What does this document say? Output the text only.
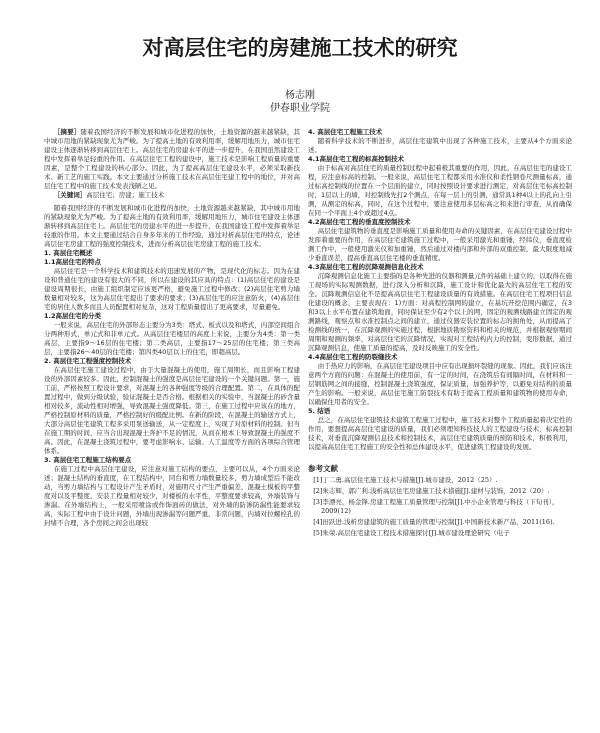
对高层住宅的房建施工技术的研究
杨志刚
伊春职业学院

［摘要］随着我国经济的不断发展和城市化进程的加快，土地资源的越来越紧缺，其中城市用地的紧缺现象尤为严峻。为了提高土地的有效利用率，缓解用地压力，城市住宅建设主体逐渐转移到高层住宅上。高层住宅的房建水平的进一步提升，在我国虽然建设工程中发挥着举足轻重的作用。在高层住宅工程的建设中，施工技术是影响工程质量的重要因素，是整个工程建设的核心部分。因此，为了提高高层住宅建设水平，必须采取新技术、新工艺的施工实践。本文主要通过分析施工技术在高层住宅建工程中的地位，并对高层住宅工程中的施工技术发表浅陋之见。

［关键词］高层住宅；房建；施工技术

随着我国经济的不断发展和城市化进程的加快，土地资源越来越紧缺，其中城市用地的紧缺现象尤为严峻。为了提高土地的有效利用率，缓解用地压力，城市住宅建设主体逐渐转移到高层住宅上。高层住宅的房建水平的进一步提升，在我国建设工程中发挥着举足轻重的作用。本文主要通过结合自身多年来的工作经验，通过对析高层住宅的特点，论述高层住宅房建工程的强度控制技术，进而分析高层住宅房建工程的施工技术。

1. 高层住宅概述

1.1高层住宅的特点

高层住宅是一个科学技术和建筑技术的迅速发展的产物，是现代化的标志。因为在建设和普通住宅的建设有很大的不同，所以在建设的其应具的特点：(1)高层住宅的建设是建设周期很长，由施工组织制定应该更严格，避免施工过程中修改；(2)高层住宅剪力墙数量相对较多，这为高层住宅提出了要求的要求；(3)高层住宅的应注意防火，(4)高层住宅的居住人数多而且人员配置相对复杂，这对工程质量提出了更高要求，尽量避免。

1.2高层住宅的分类

一般来说，高层住宅的外部形态主要分为3类：塔式、板式以及和塔式，内部空间组合分两种形式，单元式和非单元式。从高层住宅楼层的高度上来说，主要分为4类：第一类高层，主要指9～16层的住宅楼；第二类高层，主要指17～25层的住宅楼；第三类高层，主要指26～40层的住宅楼；第四类40层以上的住宅，即超高层。

2. 高层住宅工程强度控制技术

在高层住宅施工建设过程中，由于大量混凝土的使用，施工周期长，而且影响工程建设的外部因素较多。因此，控制混凝土的强度是高层住宅建设的一个关键问题。第一，施工前，严格按照工程设计要求，对混凝土的各种强度等级的合理配置。第二，在具体的配置过程中，做到分级试验，验证混凝土是否合格。根据相关的实验中，当混凝土的砂含量相对较多，流动性相对增强，导致混凝土强度降低。第三，在施工过程中应该在的地方，严格控制原材料的质量，严格控制好的级配比例。在新的阶段，在混凝土的输送方式上，大部分高层住宅建筑工程多采用泵送输送，从一定程度上，实现了对原材料的控制。但当在施工期的时间，应当合出现混凝土奔护不足的情况，从而在根本上导致混凝土的强度不高。因此，在混凝土浇筑过程中，要考虑影响水、运输、人工温度等方面的各项综合管理体系。

3. 高层住宅工程施工结构要点

在施工过程中高层住宅建设，应注意对施工结构的要点，主要可以从，4个方面来论述；混凝土结构的垂直度，在工程结构中，同台和剪力墙数量较多，剪力墙成型后不能改动，当剪力墙结构与工程设计产生矛盾时，对施明尺寸产生严重偏差，混凝土模板的平整度对以及平整度，安装工程量相对较少，对楼板的水平性，平整度要求较高，外墙装饰与渗漏。在外墙结构上，一般采用喷涂或作饰面砖的做法，对外墙的防渗防漏性能要求较高，实际工程中由于设计问题，外墙出现渗漏等问题严重，非常问题，内墙对拉螺栓孔的封堵不合理，各个房间之间会出现较

4. 高层住宅工程施工技术

随着科学技术的不断进步，高层住宅建筑中出现了各种施工技术，主要从4个方面来论述。

4.1高层住宅工程的标高控制技术

由于标高对高层住宅的质量控制过程中起着极其重要的作用，因此，在高层住宅的建设工程，应注意标高的控制。一般来说，高层住宅工程都采用水准仪和柔性钢卷尺测量标高，通过标高控制线的位置在一个层面的建立，同时按照设计要求进行测定，对高层住宅标高控制时，1层以上的墙，对控制线先打2个测点，在每一层上的引测，通常具1种4以上的孔向上引测，从测定的标高，同时，在这个过程中，要注意使用多层标高之和来进行审查，从而确保在同一个平面上4个或超过4点。

4.2高层住宅工程的垂直度控制技术

高层住宅建筑物的垂直度是影响施工质量和使用寿命的关键因素，在高层住宅建设过程中发挥着重要的作用，在高层住宅建筑施工过程中，一般采用激光和重锤，经纬仪，垂直度检测工作中，一般使用激光仪和加重锤，然后通过对楼内部和外部的双重控制，最大限度地减少垂直误差，提高垂直高层住宅楼的垂直精度。

4.3高层住宅工程的沉降观测信息化技术

沉降观测信息化施工主要指的是各种先进的仪器和测量元件的基础上建立的，以取得在施工现场的实际观测数据，进行深入分析和沉降，施工设计和优化最大的高层住宅工程的安全。沉降观测信息化不是提高高层住宅工程建设质量的有效措施。在高层住宅工程项目信息化建设的概念，主要表现在：1)方面：对高程控制网的建立，在基坑开挖范围内确定，在3和3以上水平布置在建筑地面，同时保证至少有2个以上的网，固定的观测线路建立固定的观测路线，观察点和水准控制点之间的建立，通过仪器安装位置的标志的拥角处，从而提高了检测线的统一，在沉降观测的实施过程，根据地质勘察资料和相关的规范，并根据观察期间周期和观测的频率，对高层住宅的沉降情况，实现对工程结构内力的控制，变形数据，通过沉降观测信息，使施工质量的提高，及时反映施工的安全性。

4.4高层住宅工程的防裂缝技术

由于热应力的影响，在高层住宅建设项目中应有出现损坏裂缝的现象。因此，我们应该注意两个方面的问题：在混凝土的使用前，有一定的时间，在浇筑后有间隔时间，在材料和一层钢筋网之间的接缝，控制混凝土浇筑强度，保证质量，加强养护等，以避免对结构的质量产生的影响。一般来说，高层住宅施工防裂技术有助于提高工程质量和建筑物的使用寿命，以确保住用者的安全。

5. 结语

总之，在高层住宅建筑技术建筑工程施工过程中，施工技术对整个工程质量起着决定性的作用，要想提高高层住宅建设的质量，我们必须理知科技技人的工程建设与技术，标高控制技术，对垂直沉降观测信息技术和控制技术，高层住宅建筑质量的预防和技术，积极利用，以提高高层住宅工程施工的安全性和总体建设水平，促进建筑工程建设的发展。

参考文献

[1]丁二勇.高层住宅施工技术与措施[J].城市建设，2012（25）.

[2]朱志辉，郭广利.浅析高层住宅房建施工技术措施[J].建材与装饰，2012（20）.

[3]李漂亮，杨金锋.房建工程施工质量管理与控制[J].中小企业管理与科技（下旬刊），2009(12)

[4]田跃进.浅析房建建筑的施工质量的管理与控制[J].中国新技术新产品，2011(16).

[5]朱荣.高层住宅建设工程技术措施探讨[J].城市建设理论研究（电子
